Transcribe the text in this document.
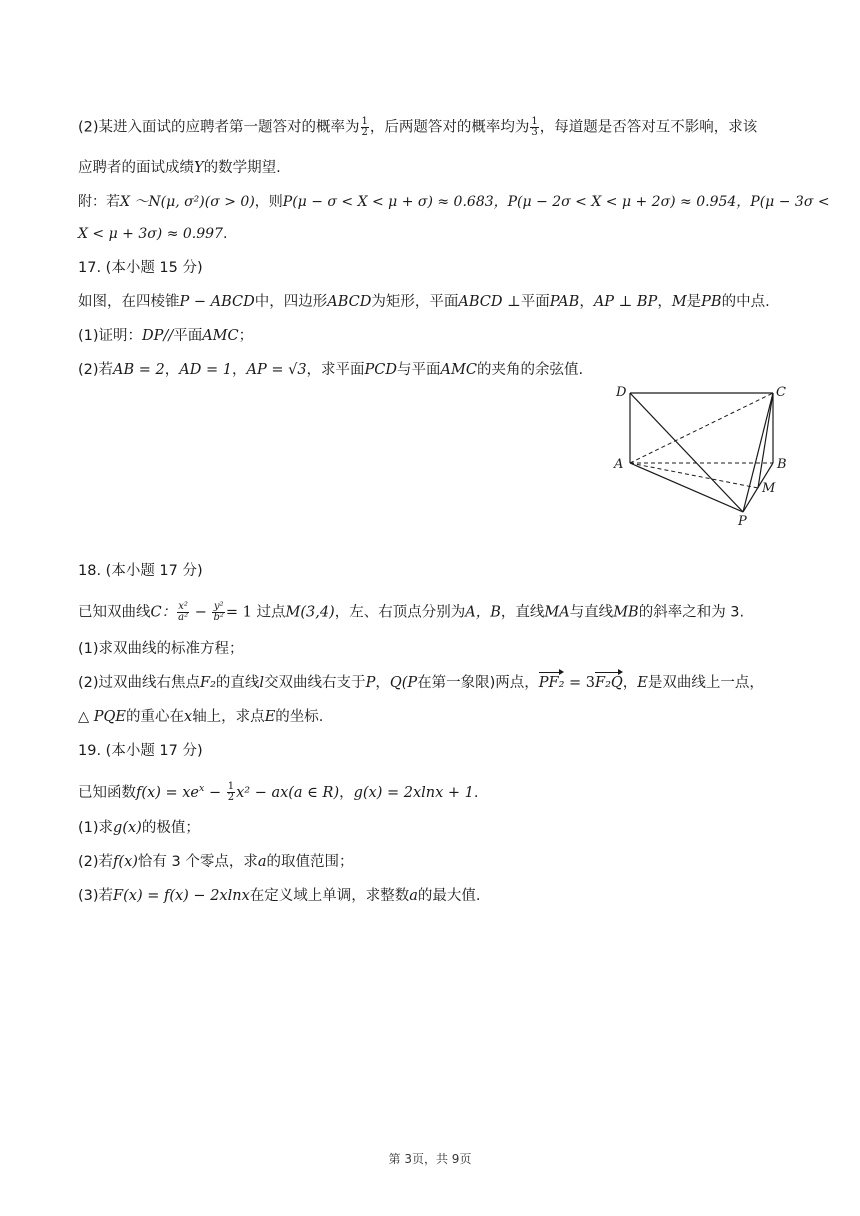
(2)某进入面试的应聘者第一题答对的概率为 $\frac{1}{2}$ ，后两题答对的概率均为 $\frac{1}{3}$ ，每道题是否答对互不影响，求该
应聘者的面试成绩Y的数学期望.
附：若X ～N(μ, σ²)(σ > 0)，则P(μ − σ < X < μ + σ) ≈ 0.683，P(μ − 2σ < X < μ + 2σ) ≈ 0.954，P(μ − 3σ <
X < μ + 3σ) ≈ 0.997.
17. (本小题 15 分)
如图，在四棱锥P − ABCD中，四边形ABCD为矩形，平面ABCD ⊥平面PAB，AP ⊥ BP，M是PB的中点.
(1)证明：DP//平面AMC；
(2)若AB = 2，AD = 1，AP = √3，求平面PCD与平面AMC的夹角的余弦值.
D	C
A	B
M
P
18. (本小题 17 分)
已知双曲线C： $\frac{\text{x²}}{\text{a²}} - \frac{\text{y²}}{\text{b²}} = 1$ 过点M(3,4)，左、右顶点分别为A，B，直线MA与直线MB的斜率之和为 3.
(1)求双曲线的标准方程；
(2)过双曲线右焦点F₂的直线l交双曲线右支于P，Q(P在第一象限)两点，PF₂ = 3F₂Q，E是双曲线上一点，
△ PQE的重心在x轴上，求点E的坐标.
19. (本小题 17 分)
已知函数$f(x) = xe^x - \frac{1}{2} x^2 - ax(a$ ∈ R)，g(x) = 2xlnx + 1.
(1)求g(x)的极值；
(2)若f(x)恰有 3 个零点，求a的取值范围；
(3)若F(x) = f(x) − 2xlnx在定义域上单调，求整数a的最大值.
第 3页，共 9页
